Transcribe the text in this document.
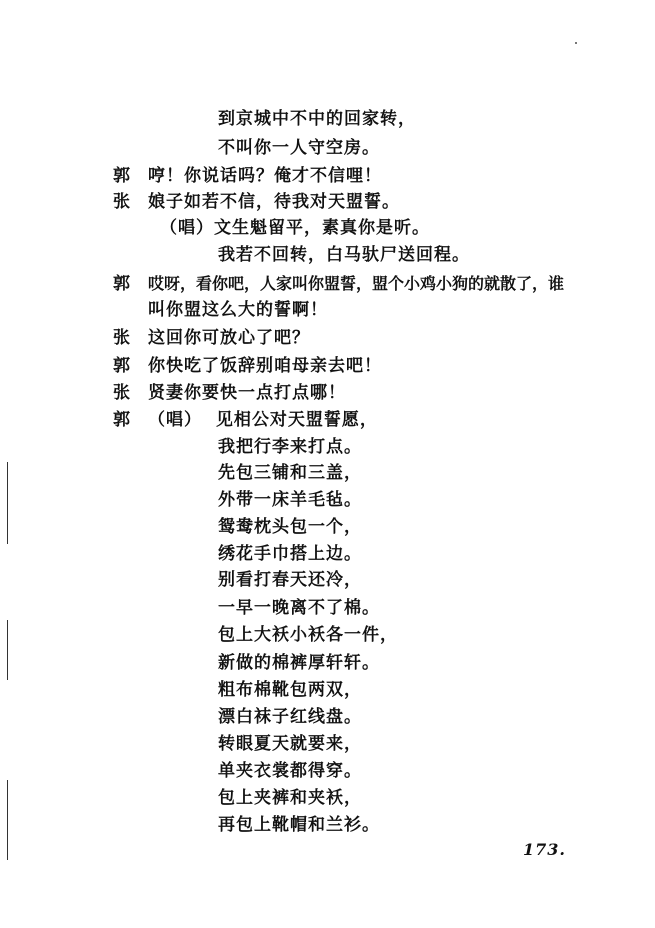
到京城中不中的回家转，
不叫你一人守空房。
郭 哼！你说话吗？俺才不信哩！
张 娘子如若不信，待我对天盟誓。
（唱）文生魁留平，素真你是听。
我若不回转，白马驮尸送回程。
郭 哎呀，看你吧，人家叫你盟誓，盟个小鸡小狗的就散了，谁
叫你盟这么大的誓啊！
张 这回你可放心了吧？
郭 你快吃了饭辞别咱母亲去吧！
张 贤妻你要快一点打点哪！
郭 （唱）  见相公对天盟誓愿，
我把行李来打点。
先包三铺和三盖，
外带一床羊毛毡。
鸳鸯枕头包一个，
绣花手巾搭上边。
别看打春天还冷，
一早一晚离不了棉。
包上大袄小袄各一件，
新做的棉裤厚轩轩。
粗布棉靴包两双，
漂白袜子红线盘。
转眼夏天就要来，
单夹衣裳都得穿。
包上夹裤和夹袄，
再包上靴帽和兰衫。
173.
